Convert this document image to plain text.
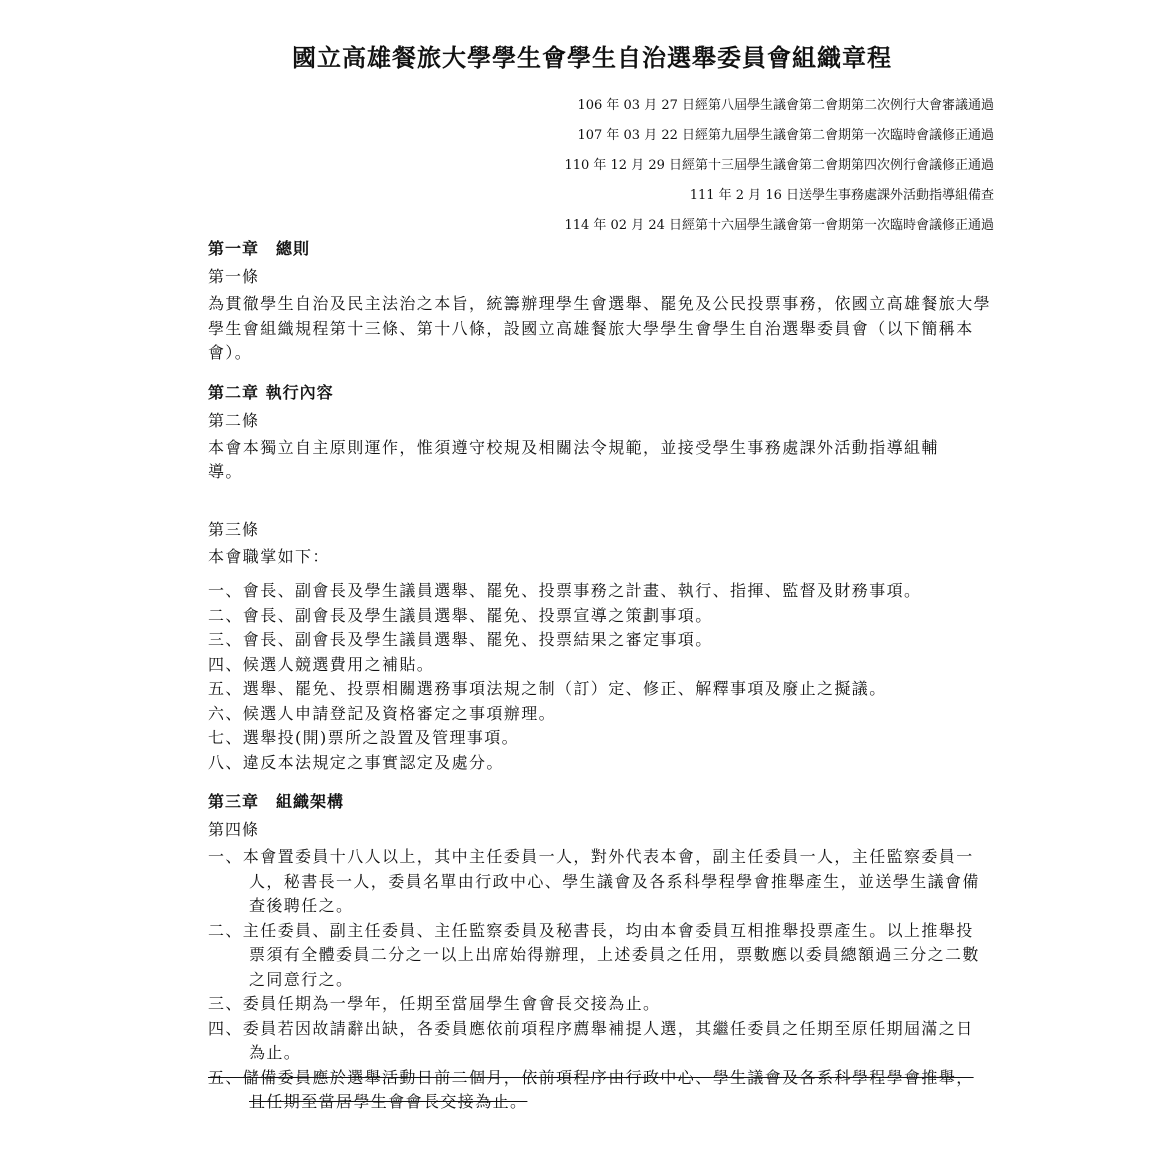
國立高雄餐旅大學學生會學生自治選舉委員會組織章程
106 年 03 月 27 日經第八屆學生議會第二會期第二次例行大會審議通過
107 年 03 月 22 日經第九屆學生議會第二會期第一次臨時會議修正通過
110 年 12 月 29 日經第十三屆學生議會第二會期第四次例行會議修正通過
111 年 2 月 16 日送學生事務處課外活動指導組備查
114 年 02 月 24 日經第十六屆學生議會第一會期第一次臨時會議修正通過
第一章　總則
第一條
為貫徹學生自治及民主法治之本旨，統籌辦理學生會選舉、罷免及公民投票事務，依國立高雄餐旅大學學生會組織規程第十三條、第十八條，設國立高雄餐旅大學學生會學生自治選舉委員會（以下簡稱本會）。
第二章 執行內容
第二條
本會本獨立自主原則運作，惟須遵守校規及相關法令規範，並接受學生事務處課外活動指導組輔導。
第三條
本會職掌如下：
一、會長、副會長及學生議員選舉、罷免、投票事務之計畫、執行、指揮、監督及財務事項。
二、會長、副會長及學生議員選舉、罷免、投票宣導之策劃事項。
三、會長、副會長及學生議員選舉、罷免、投票結果之審定事項。
四、候選人競選費用之補貼。
五、選舉、罷免、投票相關選務事項法規之制（訂）定、修正、解釋事項及廢止之擬議。
六、候選人申請登記及資格審定之事項辦理。
七、選舉投(開)票所之設置及管理事項。
八、違反本法規定之事實認定及處分。
第三章　組織架構
第四條
一、本會置委員十八人以上，其中主任委員一人，對外代表本會，副主任委員一人，主任監察委員一人，秘書長一人，委員名單由行政中心、學生議會及各系科學程學會推舉產生，並送學生議會備查後聘任之。
二、主任委員、副主任委員、主任監察委員及秘書長，均由本會委員互相推舉投票產生。以上推舉投票須有全體委員二分之一以上出席始得辦理，上述委員之任用，票數應以委員總額過三分之二數之同意行之。
三、委員任期為一學年，任期至當屆學生會會長交接為止。
四、委員若因故請辭出缺，各委員應依前項程序薦舉補提人選，其繼任委員之任期至原任期屆滿之日為止。
五、儲備委員應於選舉活動日前二個月，依前項程序由行政中心、學生議會及各系科學程學會推舉，且任期至當居學生會會長交接為止。
